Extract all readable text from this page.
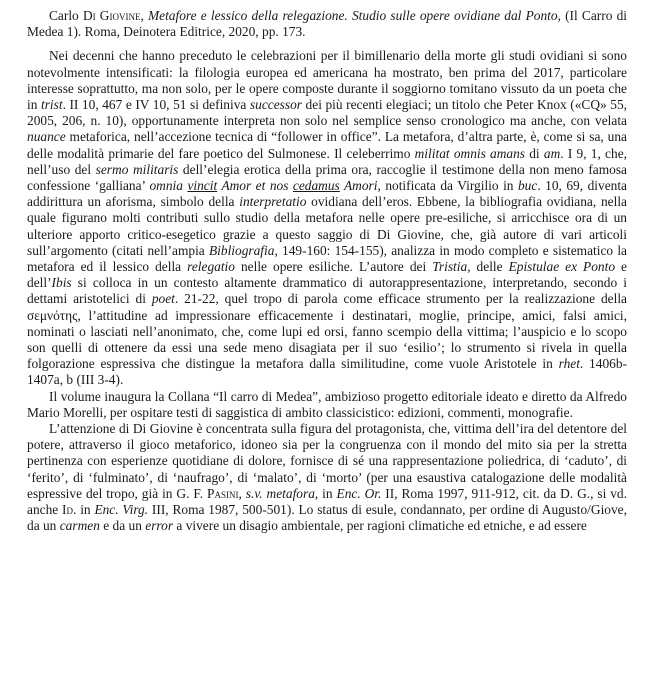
Carlo Di Giovine, Metafore e lessico della relegazione. Studio sulle opere ovidiane dal Ponto, (Il Carro di Medea 1). Roma, Deinotera Editrice, 2020, pp. 173.

Nei decenni che hanno preceduto le celebrazioni per il bimillenario della morte gli studi ovidiani si sono notevolmente intensificati: la filologia europea ed americana ha mostrato, ben prima del 2017, particolare interesse soprattutto, ma non solo, per le opere composte durante il soggiorno tomitano vissuto da un poeta che in trist. II 10, 467 e IV 10, 51 si definiva successor dei più recenti elegiaci; un titolo che Peter Knox («CQ» 55, 2005, 206, n. 10), opportunamente interpreta non solo nel semplice senso cronologico ma anche, con velata nuance metaforica, nell’accezione tecnica di “follower in office”. La metafora, d’altra parte, è, come si sa, una delle modalità primarie del fare poetico del Sulmonese. Il celeberrimo militat omnis amans di am. I 9, 1, che, nell’uso del sermo militaris dell’elegia erotica della prima ora, raccoglie il testimone della non meno famosa confessione ‘galliana’ omnia vincit Amor et nos cedamus Amori, notificata da Virgilio in buc. 10, 69, diventa addirittura un aforisma, simbolo della interpretatio ovidiana dell’eros. Ebbene, la bibliografia ovidiana, nella quale figurano molti contributi sullo studio della metafora nelle opere pre-esiliche, si arricchisce ora di un ulteriore apporto critico-esegetico grazie a questo saggio di Di Giovine, che, già autore di vari articoli sull’argomento (citati nell’ampia Bibliografia, 149-160: 154-155), analizza in modo completo e sistematico la metafora ed il lessico della relegatio nelle opere esiliche. L’autore dei Tristia, delle Epistulae ex Ponto e dell’Ibis si colloca in un contesto altamente drammatico di autorappresentazione, interpretando, secondo i dettami aristotelici di poet. 21-22, quel tropo di parola come efficace strumento per la realizzazione della σεμνότης, l’attitudine ad impressionare efficacemente i destinatari, moglie, principe, amici, falsi amici, nominati o lasciati nell’anonimato, che, come lupi ed orsi, fanno scempio della vittima; l’auspicio e lo scopo son quelli di ottenere da essi una sede meno disagiata per il suo ‘esilio’; lo strumento si rivela in quella folgorazione espressiva che distingue la metafora dalla similitudine, come vuole Aristotele in rhet. 1406b-1407a, b (III 3-4).

Il volume inaugura la Collana “Il carro di Medea”, ambizioso progetto editoriale ideato e diretto da Alfredo Mario Morelli, per ospitare testi di saggistica di ambito classicistico: edizioni, commenti, monografie.

L’attenzione di Di Giovine è concentrata sulla figura del protagonista, che, vittima dell’ira del detentore del potere, attraverso il gioco metaforico, idoneo sia per la congruenza con il mondo del mito sia per la stretta pertinenza con esperienze quotidiane di dolore, fornisce di sé una rappresentazione poliedrica, di ‘caduto’, di ‘ferito’, di ‘fulminato’, di ‘naufrago’, di ‘malato’, di ‘morto’ (per una esaustiva catalogazione delle modalità espressive del tropo, già in G. F. Pasini, s.v. metafora, in Enc. Or. II, Roma 1997, 911-912, cit. da D. G., si vd. anche Id. in Enc. Virg. III, Roma 1987, 500-501). Lo status di esule, condannato, per ordine di Augusto/Giove, da un carmen e da un error a vivere un disagio ambientale, per ragioni climatiche ed etniche, e ad essere
